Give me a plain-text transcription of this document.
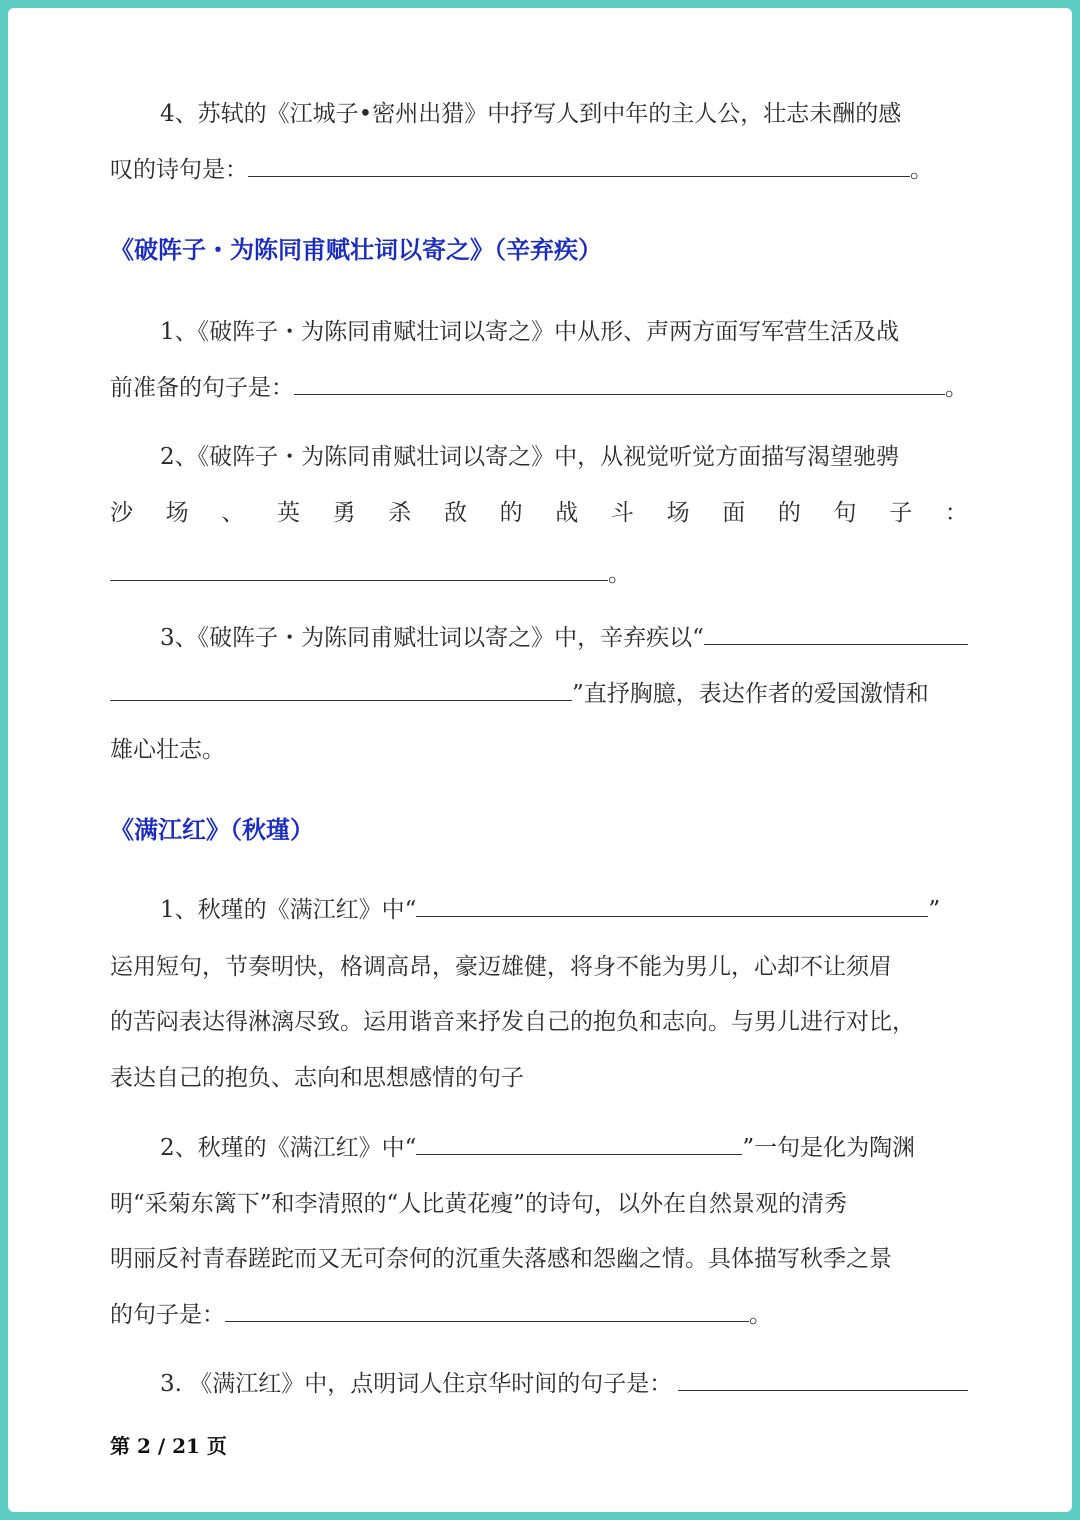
4、苏轼的《江城子•密州出猎》中抒写人到中年的主人公，壮志未酬的感
叹的诗句是：	。
《破阵子・为陈同甫赋壮词以寄之》（辛弃疾）
1、《破阵子・为陈同甫赋壮词以寄之》中从形、声两方面写军营生活及战
前准备的句子是：	。
2、《破阵子・为陈同甫赋壮词以寄之》中，从视觉听觉方面描写渴望驰骋
沙 场 、 英 勇 杀 敌 的 战 斗 场 面 的 句 子 ：
。
3、《破阵子・为陈同甫赋壮词以寄之》中，辛弃疾以“
”直抒胸臆，表达作者的爱国激情和
雄心壮志。
《满江红》（秋瑾）
1、秋瑾的《满江红》中“	”
运用短句，节奏明快，格调高昂，豪迈雄健，将身不能为男儿，心却不让须眉
的苦闷表达得淋漓尽致。运用谐音来抒发自己的抱负和志向。与男儿进行对比，
表达自己的抱负、志向和思想感情的句子
2、秋瑾的《满江红》中“	”一句是化为陶渊
明“采菊东篱下”和李清照的“人比黄花瘦”的诗句，以外在自然景观的清秀
明丽反衬青春蹉跎而又无可奈何的沉重失落感和怨幽之情。具体描写秋季之景
的句子是：	。
3. 《满江红》中，点明词人住京华时间的句子是：
第 2 / 21 页
